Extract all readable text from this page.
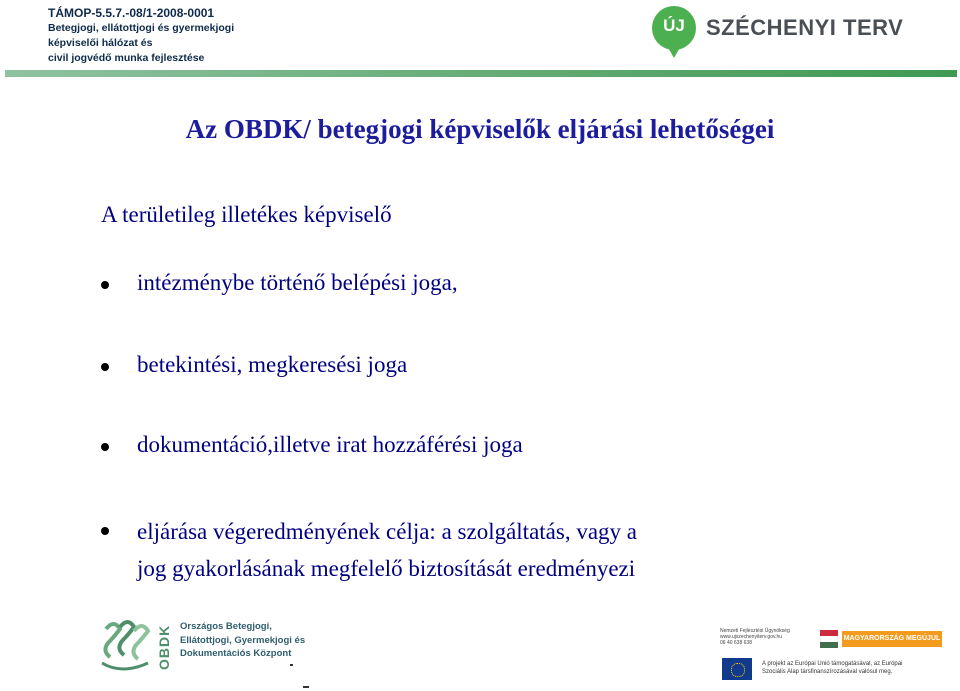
TÁMOP-5.5.7.-08/1-2008-0001
Betegjogi, ellátottjogi és gyermekjogi
képviselői hálózat és
civil jogvédő munka fejlesztése
ÚJ SZÉCHENYI TERV
Az OBDK/ betegjogi képviselők eljárási lehetőségei
A területileg illetékes képviselő
intézménybe történő belépési joga,
betekintési, megkeresési joga
dokumentáció,illetve irat hozzáférési joga
eljárása végeredményének célja: a szolgáltatás, vagy a
jog gyakorlásának megfelelő biztosítását eredményezi
OBDK Országos Betegjogi,
Ellátottjogi, Gyermekjogi és
Dokumentációs Központ
Nemzeti Fejlesztési Ügynökség
www.ujszechenyiterv.gov.hu
06 40 638 638
MAGYARORSZÁG MEGÚJUL
A projekt az Európai Unió támogatásával, az Európai
Szociális Alap társfinanszírozásával valósul meg.
